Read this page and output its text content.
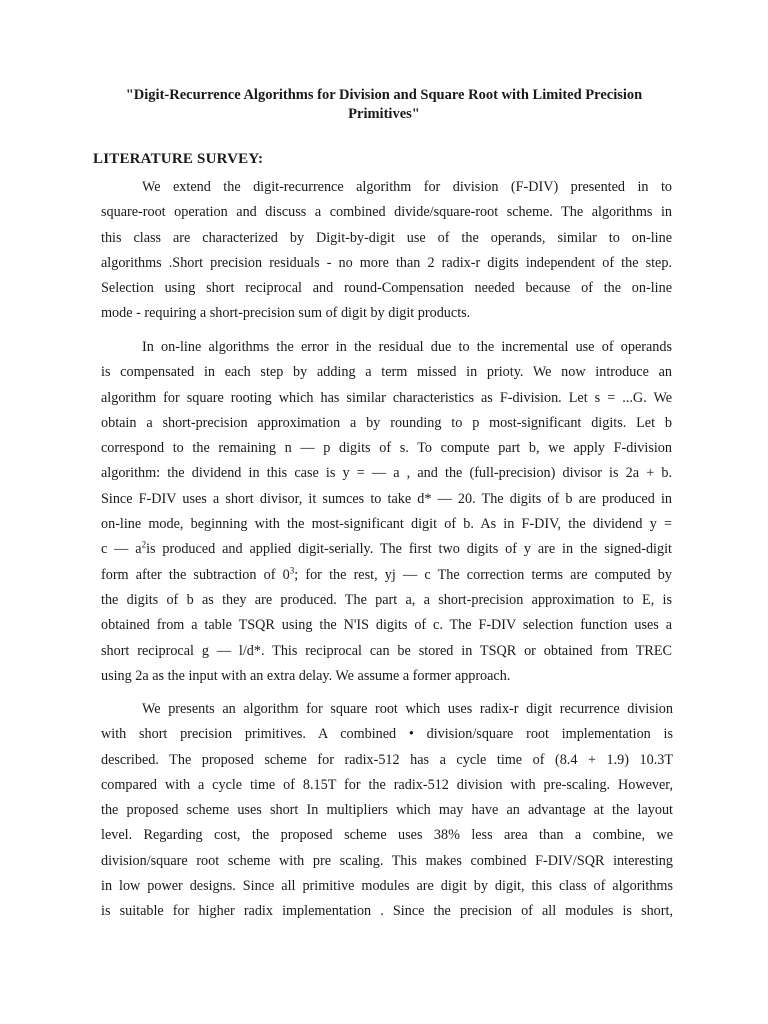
"Digit-Recurrence Algorithms for Division and Square Root with Limited Precision Primitives"
LITERATURE SURVEY:
We extend the digit-recurrence algorithm for division (F-DIV) presented in to
square-root operation and discuss a combined divide/square-root scheme. The algorithms in
this class are characterized by Digit-by-digit use of the operands, similar to on-line
algorithms .Short precision residuals - no more than 2 radix-r digits independent of the step.
Selection using short reciprocal and round-Compensation needed because of the on-line
mode - requiring a short-precision sum of digit by digit products.
In on-line algorithms the error in the residual due to the incremental use of operands
is compensated in each step by adding a term missed in prioty. We now introduce an
algorithm for square rooting which has similar characteristics as F-division. Let s = ...G. We
obtain a short-precision approximation a by rounding to p most-significant digits. Let b
correspond to the remaining n — p digits of s. To compute part b, we apply F-division
algorithm: the dividend in this case is y = — a , and the (full-precision) divisor is 2a + b.
Since F-DIV uses a short divisor, it sumces to take d* — 20. The digits of b are produced in
on-line mode, beginning with the most-significant digit of b. As in F-DIV, the dividend y =
c — $a^2is$ produced and applied digit-serially. The first two digits of y are in the signed-digit
form after the subtraction of $0^3$; for the rest, yj — c The correction terms are computed by
the digits of b as they are produced. The part a, a short-precision approximation to E, is
obtained from a table TSQR using the N'IS digits of c. The F-DIV selection function uses a
short reciprocal g — l/d*. This reciprocal can be stored in TSQR or obtained from TREC
using 2a as the input with an extra delay. We assume a former approach.
We presents an algorithm for square root which uses radix-r digit recurrence division
with short precision primitives. A combined • division/square root implementation is
described. The proposed scheme for radix-512 has a cycle time of (8.4 + 1.9) 10.3T
compared with a cycle time of 8.15T for the radix-512 division with pre-scaling. However,
the proposed scheme uses short In multipliers which may have an advantage at the layout
level. Regarding cost, the proposed scheme uses 38% less area than a combine, we
division/square root scheme with pre scaling. This makes combined F-DIV/SQR interesting
in low power designs. Since all primitive modules are digit by digit, this class of algorithms
is suitable for higher radix implementation . Since the precision of all modules is short,
